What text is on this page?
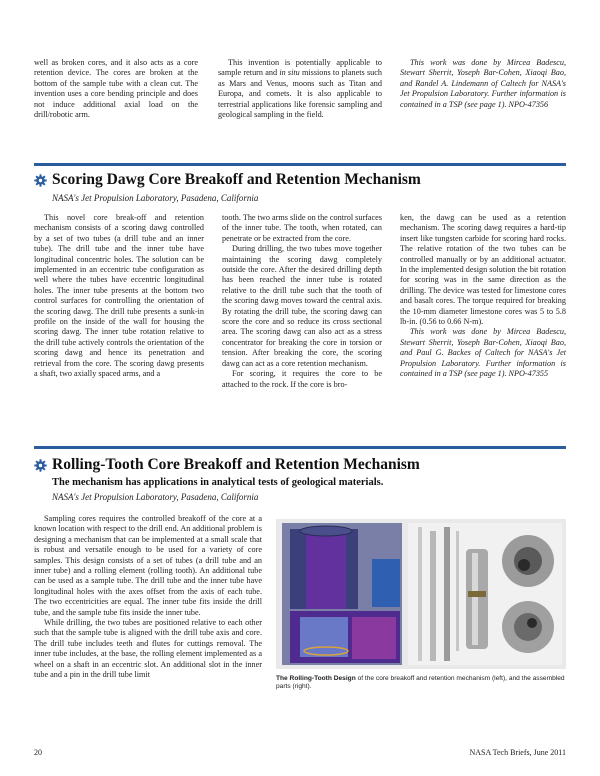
well as broken cores, and it also acts as a core retention device. The cores are broken at the bottom of the sample tube with a clean cut. The invention uses a core bending principle and does not induce additional axial load on the drill/robotic arm.

This invention is potentially applicable to sample return and in situ missions to planets such as Mars and Venus, moons such as Titan and Europa, and comets. It is also applicable to terrestrial applications like forensic sampling and geological sampling in the field.

This work was done by Mircea Badescu, Stewart Sherrit, Yoseph Bar-Cohen, Xiaoqi Bao, and Randel A. Lindemann of Caltech for NASA's Jet Propulsion Laboratory. Further information is contained in a TSP (see page 1). NPO-47356

Scoring Dawg Core Breakoff and Retention Mechanism
NASA's Jet Propulsion Laboratory, Pasadena, California

This novel core break-off and retention mechanism consists of a scoring dawg controlled by a set of two tubes (a drill tube and an inner tube). The drill tube and the inner tube have longitudinal concentric holes. The solution can be implemented in an eccentric tube configuration as well where the tubes have eccentric longitudinal holes. The inner tube presents at the bottom two control surfaces for controlling the orientation of the scoring dawg. The drill tube presents a sunk-in profile on the inside of the wall for housing the scoring dawg. The inner tube rotation relative to the drill tube actively controls the orientation of the scoring dawg and hence its penetration and retrieval from the core. The scoring dawg presents a shaft, two axially spaced arms, and a

tooth. The two arms slide on the control surfaces of the inner tube. The tooth, when rotated, can penetrate or be extracted from the core.

During drilling, the two tubes move together maintaining the scoring dawg completely outside the core. After the desired drilling depth has been reached the inner tube is rotated relative to the drill tube such that the tooth of the scoring dawg moves toward the central axis. By rotating the drill tube, the scoring dawg can score the core and so reduce its cross sectional area. The scoring dawg can also act as a stress concentrator for breaking the core in torsion or tension. After breaking the core, the scoring dawg can act as a core retention mechanism.

For scoring, it requires the core to be attached to the rock. If the core is bro-

ken, the dawg can be used as a retention mechanism. The scoring dawg requires a hard-tip insert like tungsten carbide for scoring hard rocks. The relative rotation of the two tubes can be controlled manually or by an additional actuator. In the implemented design solution the bit rotation for scoring was in the same direction as the drilling. The device was tested for limestone cores and basalt cores. The torque required for breaking the 10-mm diameter limestone cores was 5 to 5.8 lb-in. (0.56 to 0.66 N-m).

This work was done by Mircea Badescu, Stewart Sherrit, Yoseph Bar-Cohen, Xiaoqi Bao, and Paul G. Backes of Caltech for NASA's Jet Propulsion Laboratory. Further information is contained in a TSP (see page 1). NPO-47355

Rolling-Tooth Core Breakoff and Retention Mechanism
The mechanism has applications in analytical tests of geological materials.
NASA's Jet Propulsion Laboratory, Pasadena, California

Sampling cores requires the controlled breakoff of the core at a known location with respect to the drill end. An additional problem is designing a mechanism that can be implemented at a small scale that is robust and versatile enough to be used for a variety of core samples. This design consists of a set of tubes (a drill tube and an inner tube) and a rolling element (rolling tooth). An additional tube can be used as a sample tube. The drill tube and the inner tube have longitudinal holes with the axes offset from the axis of each tube. The two eccentricities are equal. The inner tube fits inside the drill tube, and the sample tube fits inside the inner tube.

While drilling, the two tubes are positioned relative to each other such that the sample tube is aligned with the drill tube axis and core. The drill tube includes teeth and flutes for cuttings removal. The inner tube includes, at the base, the rolling element implemented as a wheel on a shaft in an eccentric slot. An additional slot in the inner tube and a pin in the drill tube limit	The Rolling-Tooth Design of the core breakoff and retention mechanism (left), and the assembled parts (right).
20	NASA Tech Briefs, June 2011
